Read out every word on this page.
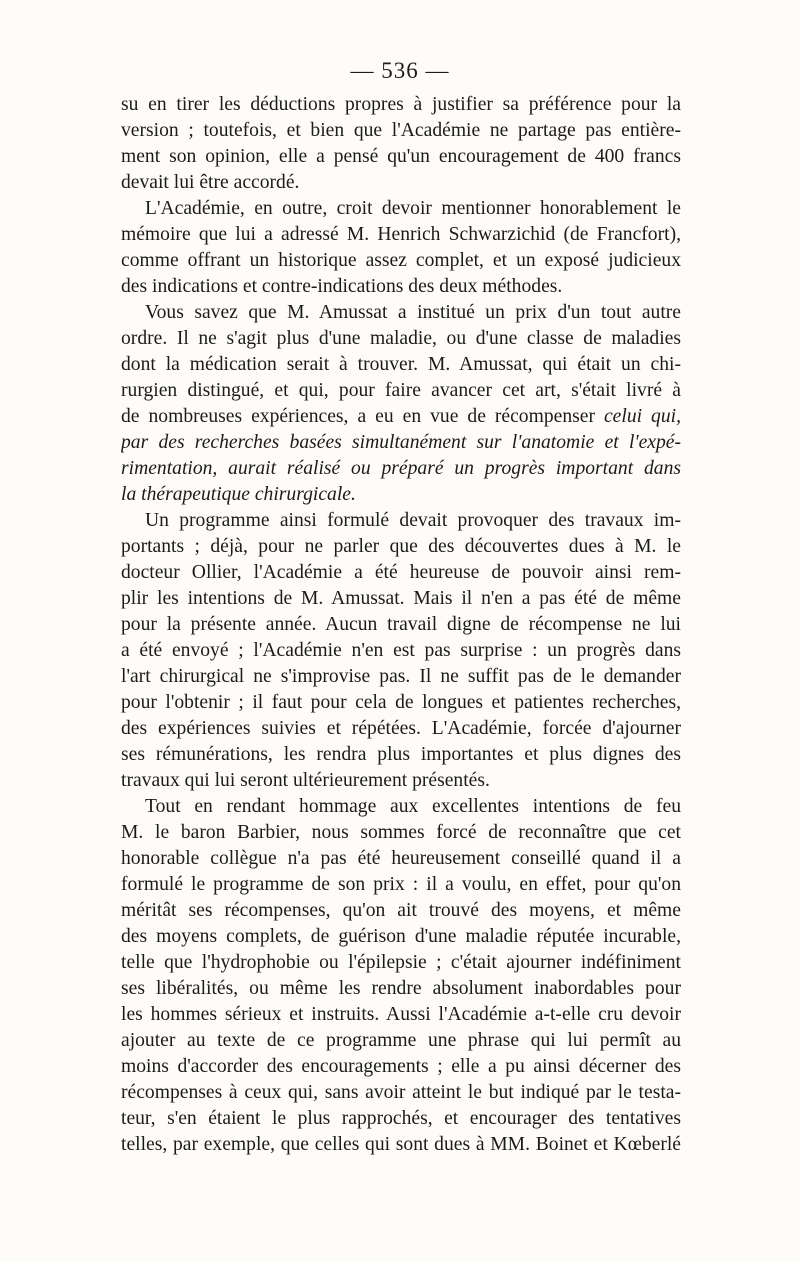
— 536 —
su en tirer les déductions propres à justifier sa préférence pour la
version ; toutefois, et bien que l'Académie ne partage pas entière-
ment son opinion, elle a pensé qu'un encouragement de 400 francs
devait lui être accordé.
L'Académie, en outre, croit devoir mentionner honorablement le
mémoire que lui a adressé M. Henrich Schwarzichid (de Francfort),
comme offrant un historique assez complet, et un exposé judicieux
des indications et contre-indications des deux méthodes.
Vous savez que M. Amussat a institué un prix d'un tout autre
ordre. Il ne s'agit plus d'une maladie, ou d'une classe de maladies
dont la médication serait à trouver. M. Amussat, qui était un chi-
rurgien distingué, et qui, pour faire avancer cet art, s'était livré à
de nombreuses expériences, a eu en vue de récompenser celui qui,
par des recherches basées simultanément sur l'anatomie et l'expé-
rimentation, aurait réalisé ou préparé un progrès important dans
la thérapeutique chirurgicale.
Un programme ainsi formulé devait provoquer des travaux im-
portants ; déjà, pour ne parler que des découvertes dues à M. le
docteur Ollier, l'Académie a été heureuse de pouvoir ainsi rem-
plir les intentions de M. Amussat. Mais il n'en a pas été de même
pour la présente année. Aucun travail digne de récompense ne lui
a été envoyé ; l'Académie n'en est pas surprise : un progrès dans
l'art chirurgical ne s'improvise pas. Il ne suffit pas de le demander
pour l'obtenir ; il faut pour cela de longues et patientes recherches,
des expériences suivies et répétées. L'Académie, forcée d'ajourner
ses rémunérations, les rendra plus importantes et plus dignes des
travaux qui lui seront ultérieurement présentés.
Tout en rendant hommage aux excellentes intentions de feu
M. le baron Barbier, nous sommes forcé de reconnaître que cet
honorable collègue n'a pas été heureusement conseillé quand il a
formulé le programme de son prix : il a voulu, en effet, pour qu'on
méritât ses récompenses, qu'on ait trouvé des moyens, et même
des moyens complets, de guérison d'une maladie réputée incurable,
telle que l'hydrophobie ou l'épilepsie ; c'était ajourner indéfiniment
ses libéralités, ou même les rendre absolument inabordables pour
les hommes sérieux et instruits. Aussi l'Académie a-t-elle cru devoir
ajouter au texte de ce programme une phrase qui lui permît au
moins d'accorder des encouragements ; elle a pu ainsi décerner des
récompenses à ceux qui, sans avoir atteint le but indiqué par le testa-
teur, s'en étaient le plus rapprochés, et encourager des tentatives
telles, par exemple, que celles qui sont dues à MM. Boinet et Kœberlé
